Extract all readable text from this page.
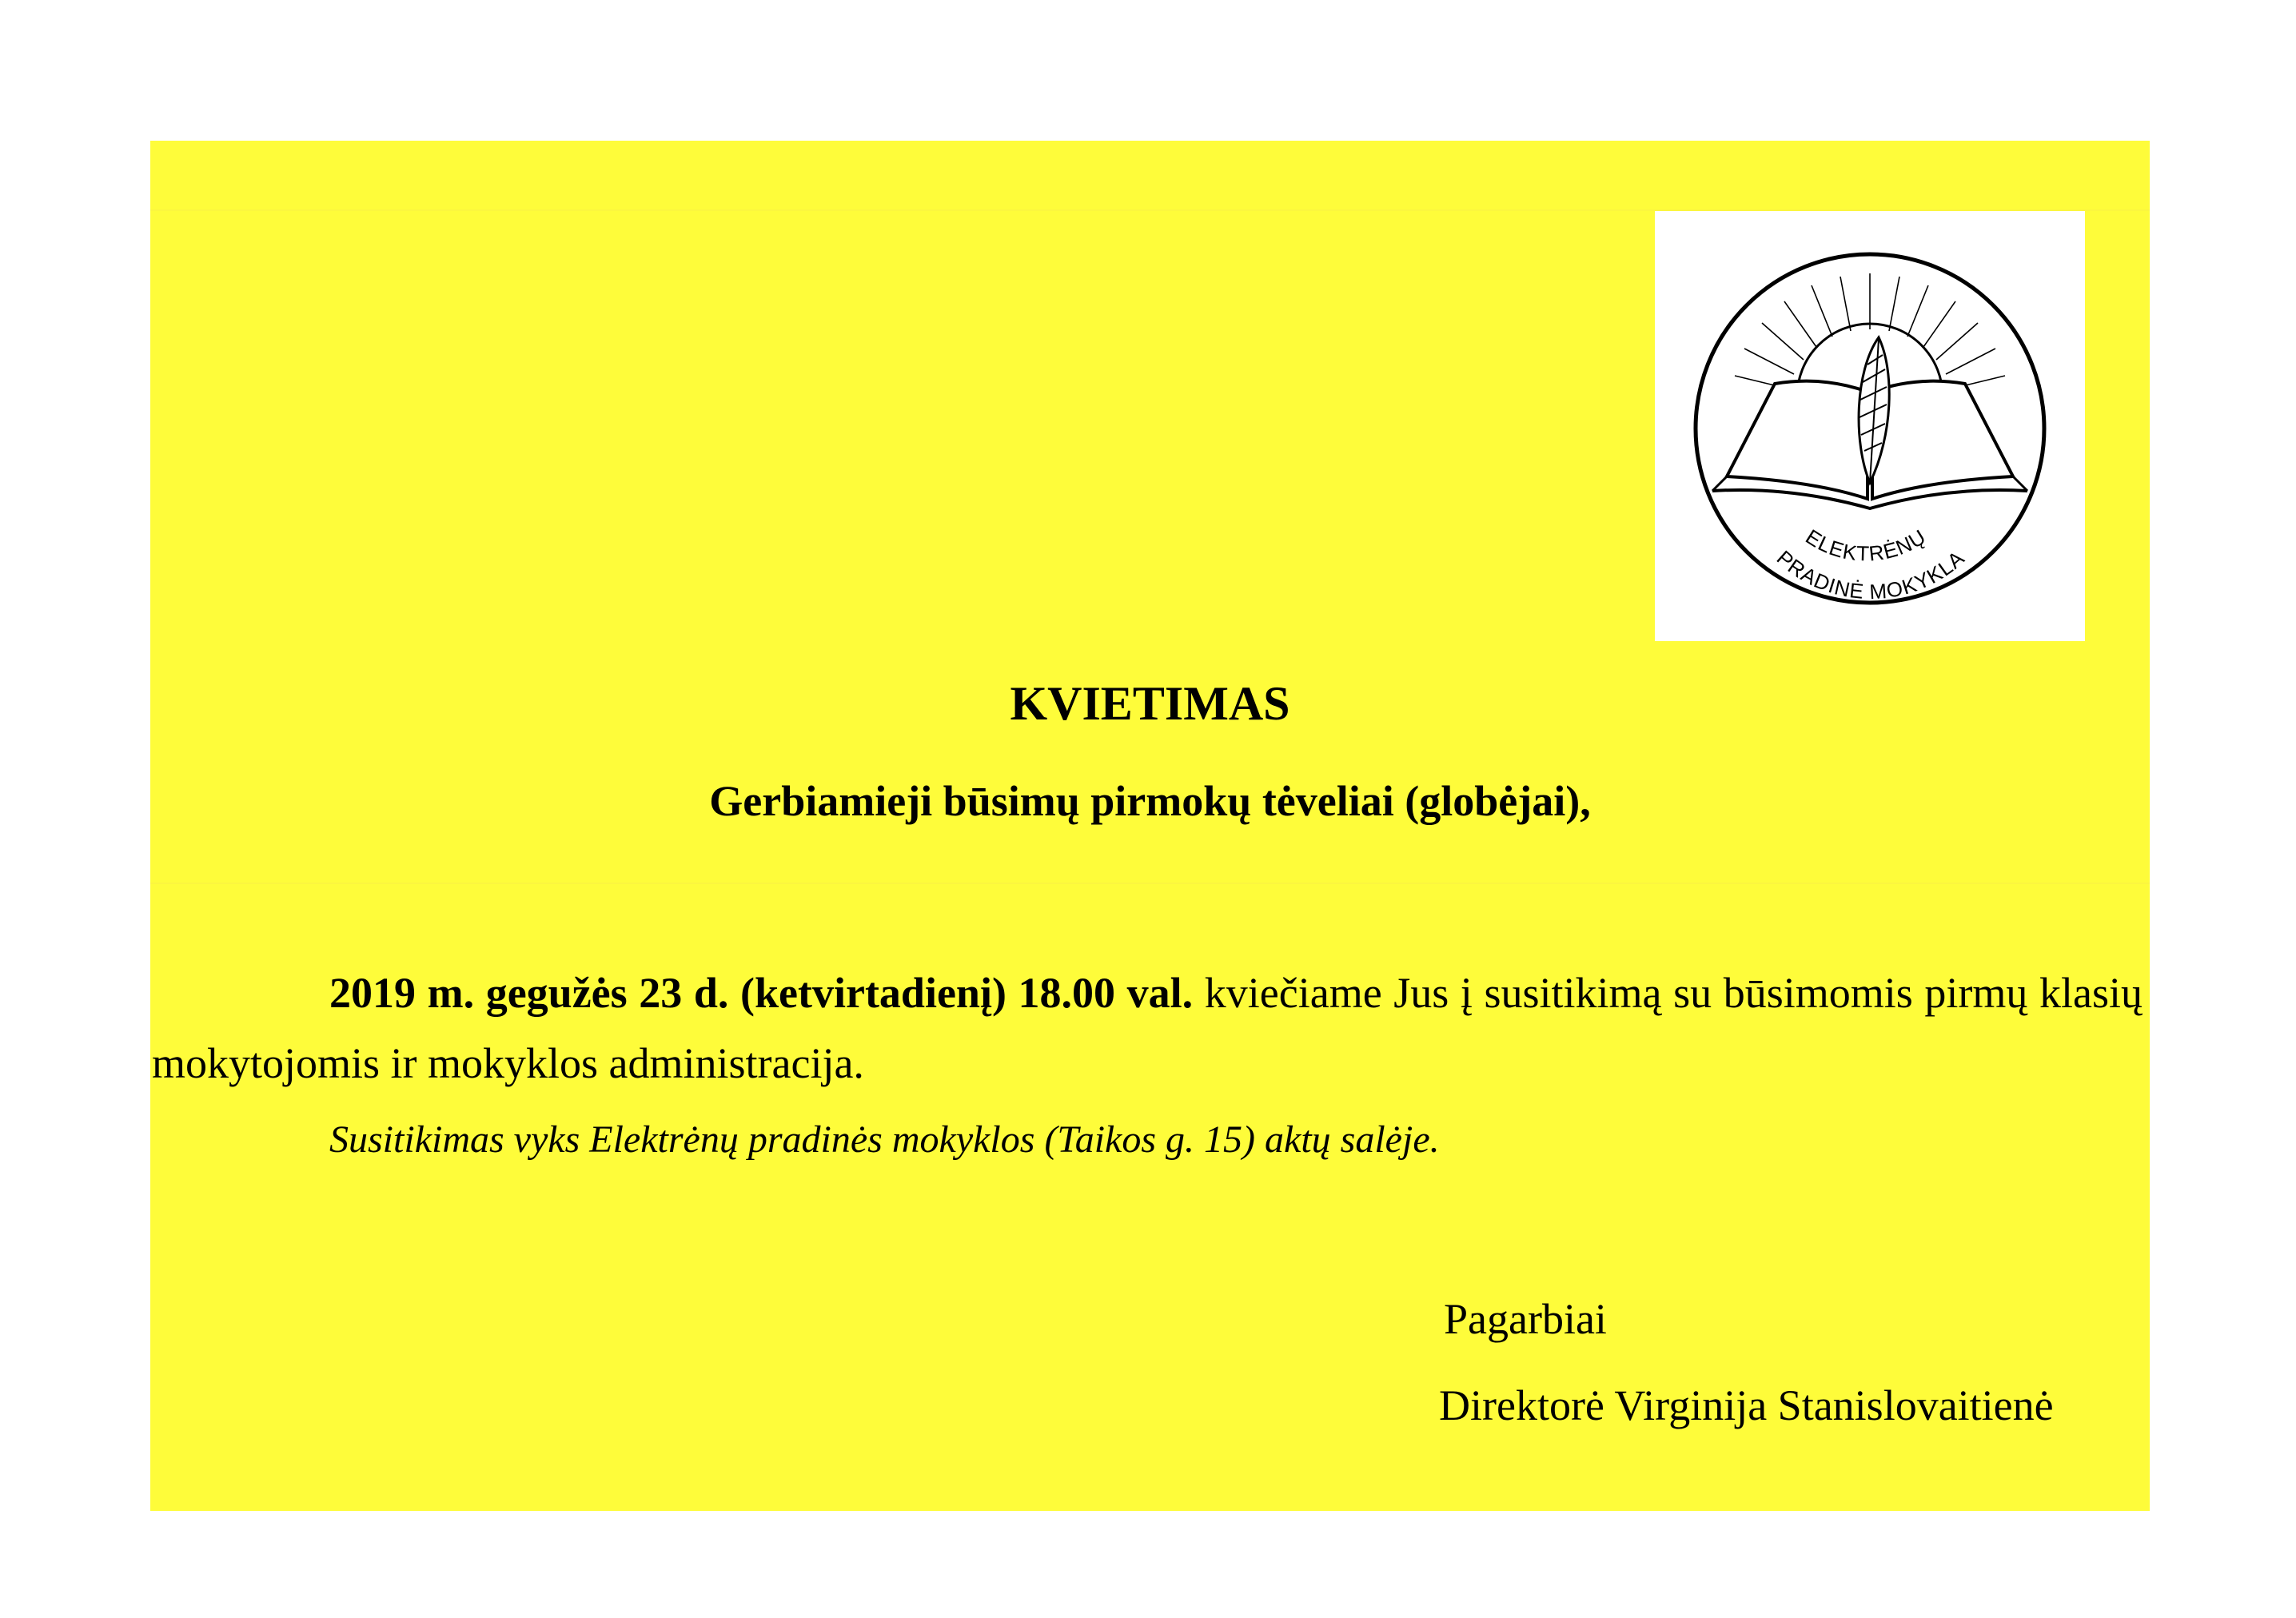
ELEKTRĖNŲ
PRADINĖ MOKYKLA
KVIETIMAS
Gerbiamieji būsimų pirmokų tėveliai (globėjai),
2019 m. gegužės 23 d. (ketvirtadienį) 18.00 val. kviečiame Jus į susitikimą su būsimomis pirmų klasių mokytojomis ir mokyklos administracija.
Susitikimas vyks Elektrėnų pradinės mokyklos (Taikos g. 15) aktų salėje.
Pagarbiai
Direktorė Virginija Stanislovaitienė
